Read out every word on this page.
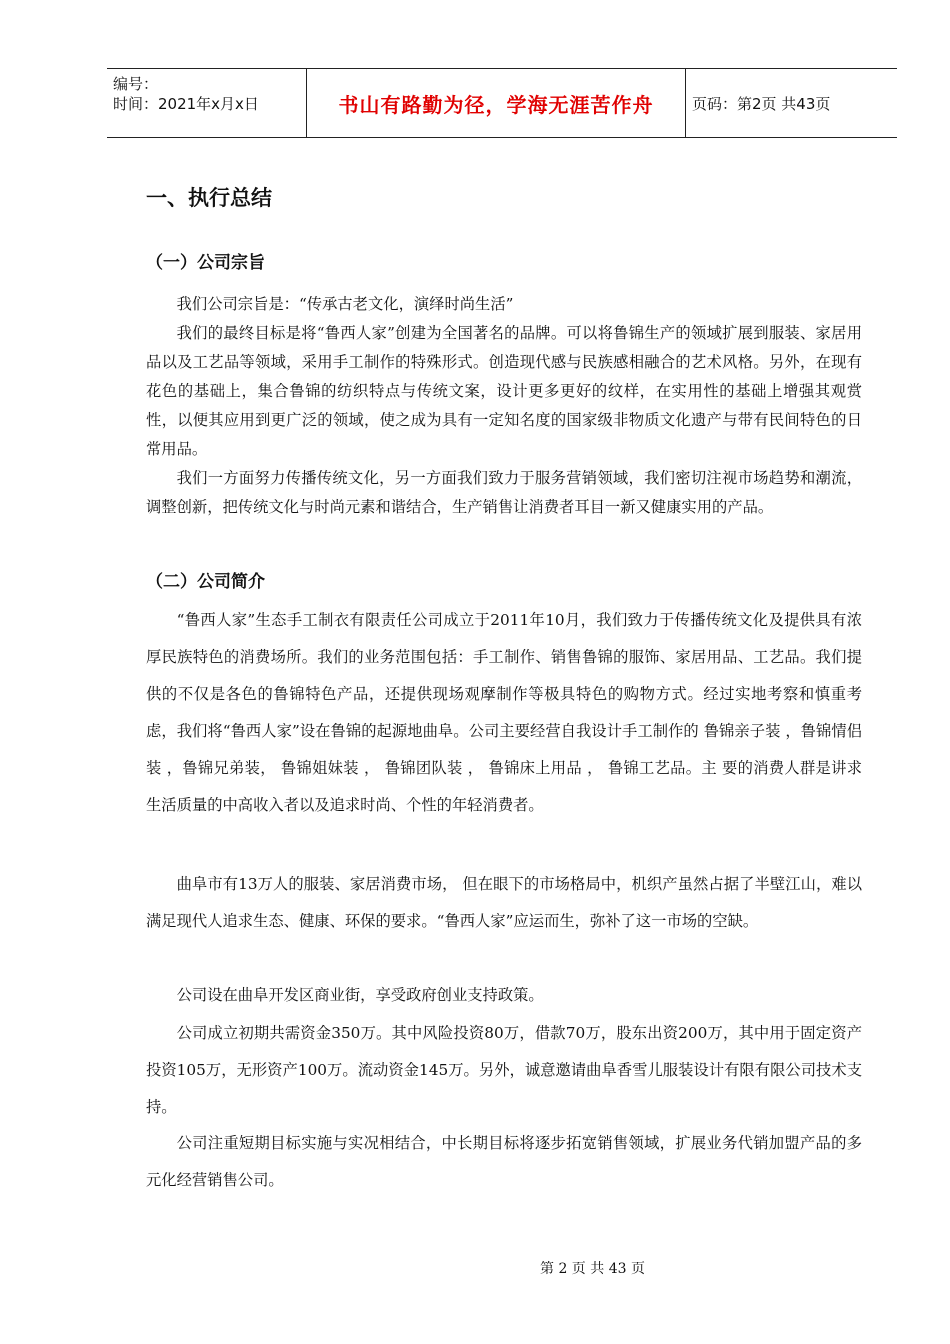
编号：
时间：2021年x月x日	书山有路勤为径，学海无涯苦作舟	页码：第2页 共43页
一、执行总结
（一）公司宗旨

我们公司宗旨是：“传承古老文化，演绎时尚生活”

我们的最终目标是将“鲁西人家”创建为全国著名的品牌。可以将鲁锦生产的领域扩展到服装、家居用品以及工艺品等领域，采用手工制作的特殊形式。创造现代感与民族感相融合的艺术风格。另外，在现有花色的基础上，集合鲁锦的纺织特点与传统文案，设计更多更好的纹样，在实用性的基础上增强其观赏性，以便其应用到更广泛的领域，使之成为具有一定知名度的国家级非物质文化遗产与带有民间特色的日常用品。

我们一方面努力传播传统文化，另一方面我们致力于服务营销领域，我们密切注视市场趋势和潮流，调整创新，把传统文化与时尚元素和谐结合，生产销售让消费者耳目一新又健康实用的产品。

（二）公司简介

“鲁西人家”生态手工制衣有限责任公司成立于2011年10月，我们致力于传播传统文化及提供具有浓厚民族特色的消费场所。我们的业务范围包括：手工制作、销售鲁锦的服饰、家居用品、工艺品。我们提供的不仅是各色的鲁锦特色产品，还提供现场观摩制作等极具特色的购物方式。经过实地考察和慎重考虑，我们将“鲁西人家”设在鲁锦的起源地曲阜。公司主要经营自我设计手工制作的 鲁锦亲子装 ，鲁锦情侣装 ，鲁锦兄弟装， 鲁锦姐妹装 ， 鲁锦团队装 ， 鲁锦床上用品 ， 鲁锦工艺品。主 要的消费人群是讲求生活质量的中高收入者以及追求时尚、个性的年轻消费者。

曲阜市有13万人的服装、家居消费市场， 但在眼下的市场格局中，机织产虽然占据了半壁江山，难以满足现代人追求生态、健康、环保的要求。“鲁西人家”应运而生，弥补了这一市场的空缺。

公司设在曲阜开发区商业街，享受政府创业支持政策。

公司成立初期共需资金350万。其中风险投资80万，借款70万，股东出资200万，其中用于固定资产投资105万，无形资产100万。流动资金145万。另外，诚意邀请曲阜香雪儿服装设计有限有限公司技术支持。

公司注重短期目标实施与实况相结合，中长期目标将逐步拓宽销售领域，扩展业务代销加盟产品的多元化经营销售公司。

第 2 页 共 43 页
